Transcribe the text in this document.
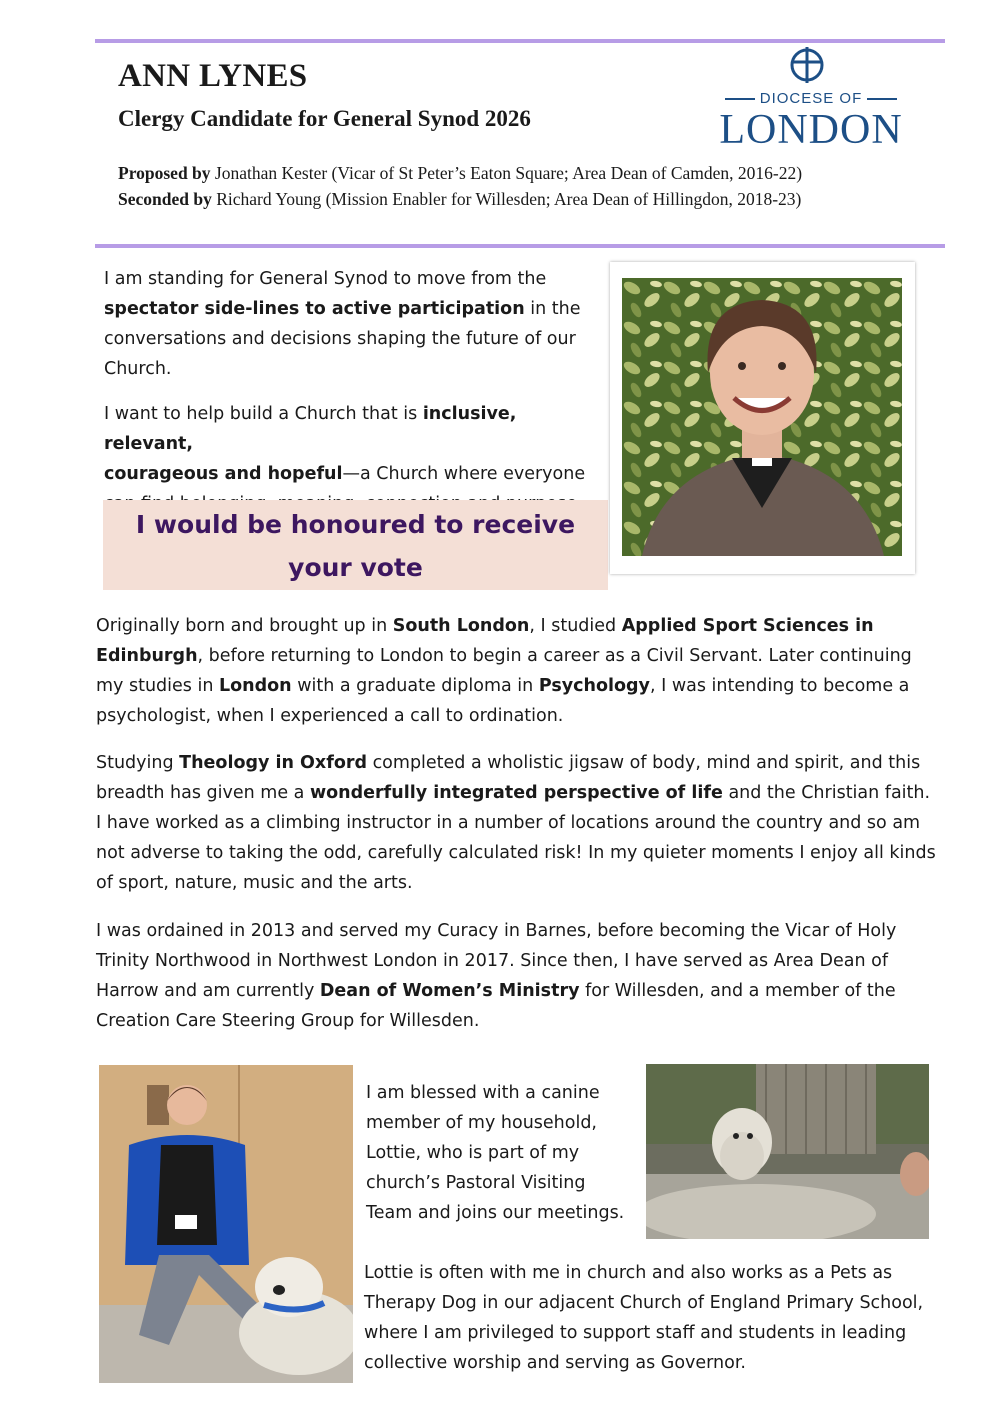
ANN LYNES
Clergy Candidate for General Synod 2026
Proposed by Jonathan Kester (Vicar of St Peter’s Eaton Square; Area Dean of Camden, 2016-22)
Seconded by Richard Young (Mission Enabler for Willesden; Area Dean of Hillingdon, 2018-23)
DIOCESE OF
LONDON
I am standing for General Synod to move from the
spectator side-lines to active participation in the
conversations and decisions shaping the future of our
Church.
I want to help build a Church that is inclusive, relevant,
courageous and hopeful—a Church where everyone
I would be honoured to receive
your vote
Originally born and brought up in South London, I studied Applied Sport Sciences in
Edinburgh, before returning to London to begin a career as a Civil Servant. Later continuing
my studies in London with a graduate diploma in Psychology, I was intending to become a
psychologist, when I experienced a call to ordination.
Studying Theology in Oxford completed a wholistic jigsaw of body, mind and spirit, and this
breadth has given me a wonderfully integrated perspective of life and the Christian faith.
I have worked as a climbing instructor in a number of locations around the country and so am
not adverse to taking the odd, carefully calculated risk! In my quieter moments I enjoy all kinds
of sport, nature, music and the arts.
I was ordained in 2013 and served my Curacy in Barnes, before becoming the Vicar of Holy
Trinity Northwood in Northwest London in 2017. Since then, I have served as Area Dean of
Harrow and am currently Dean of Women’s Ministry for Willesden, and a member of the
Creation Care Steering Group for Willesden.
I am blessed with a canine
member of my household,
Lottie, who is part of my
church’s Pastoral Visiting
Team and joins our meetings.
Lottie is often with me in church and also works as a Pets as
Therapy Dog in our adjacent Church of England Primary School,
where I am privileged to support staff and students in leading
collective worship and serving as Governor.
